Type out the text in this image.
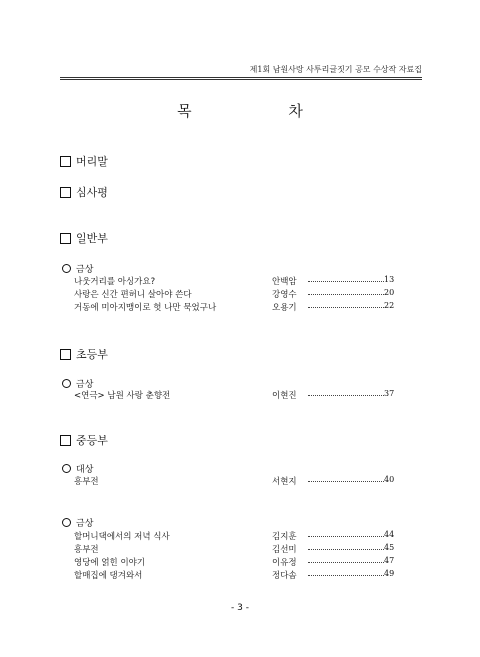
제1회 남원사랑 사투리글짓기 공모 수상작 자료집
목 차
머리말
심사평
일반부
금상
나웃거리를 아싱가요?	안백암	13
사랑은 신간 편허니 살아야 쓴다	강영수	20
거동에 미아지맹이로 헛 나만 묵었구나	오용기	22
초등부
금상
<연극> 남원 사랑 춘향전	이현진	37
중등부
대상
흥부전	서현지	40
금상
할머니댁에서의 저녁 식사	김지훈	44
흥부전	김선미	45
영당에 얽힌 이야기	이유정	47
할매집에 댕겨와서	정다솜	49
- 3 -
